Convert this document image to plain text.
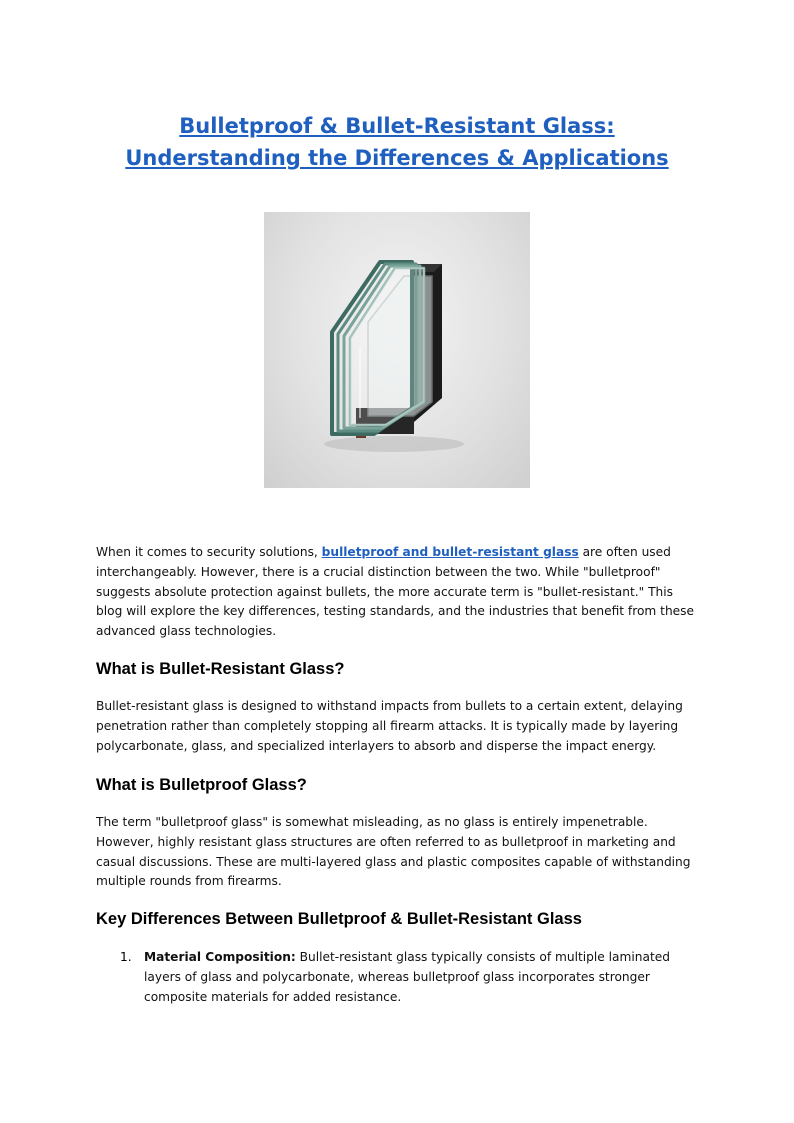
Bulletproof & Bullet-Resistant Glass: Understanding the Differences & Applications

When it comes to security solutions, bulletproof and bullet-resistant glass are often used interchangeably. However, there is a crucial distinction between the two. While "bulletproof" suggests absolute protection against bullets, the more accurate term is "bullet-resistant." This blog will explore the key differences, testing standards, and the industries that benefit from these advanced glass technologies.

What is Bullet-Resistant Glass?

Bullet-resistant glass is designed to withstand impacts from bullets to a certain extent, delaying penetration rather than completely stopping all firearm attacks. It is typically made by layering polycarbonate, glass, and specialized interlayers to absorb and disperse the impact energy.

What is Bulletproof Glass?

The term "bulletproof glass" is somewhat misleading, as no glass is entirely impenetrable. However, highly resistant glass structures are often referred to as bulletproof in marketing and casual discussions. These are multi-layered glass and plastic composites capable of withstanding multiple rounds from firearms.

Key Differences Between Bulletproof & Bullet-Resistant Glass
1. Material Composition: Bullet-resistant glass typically consists of multiple laminated layers of glass and polycarbonate, whereas bulletproof glass incorporates stronger composite materials for added resistance.
